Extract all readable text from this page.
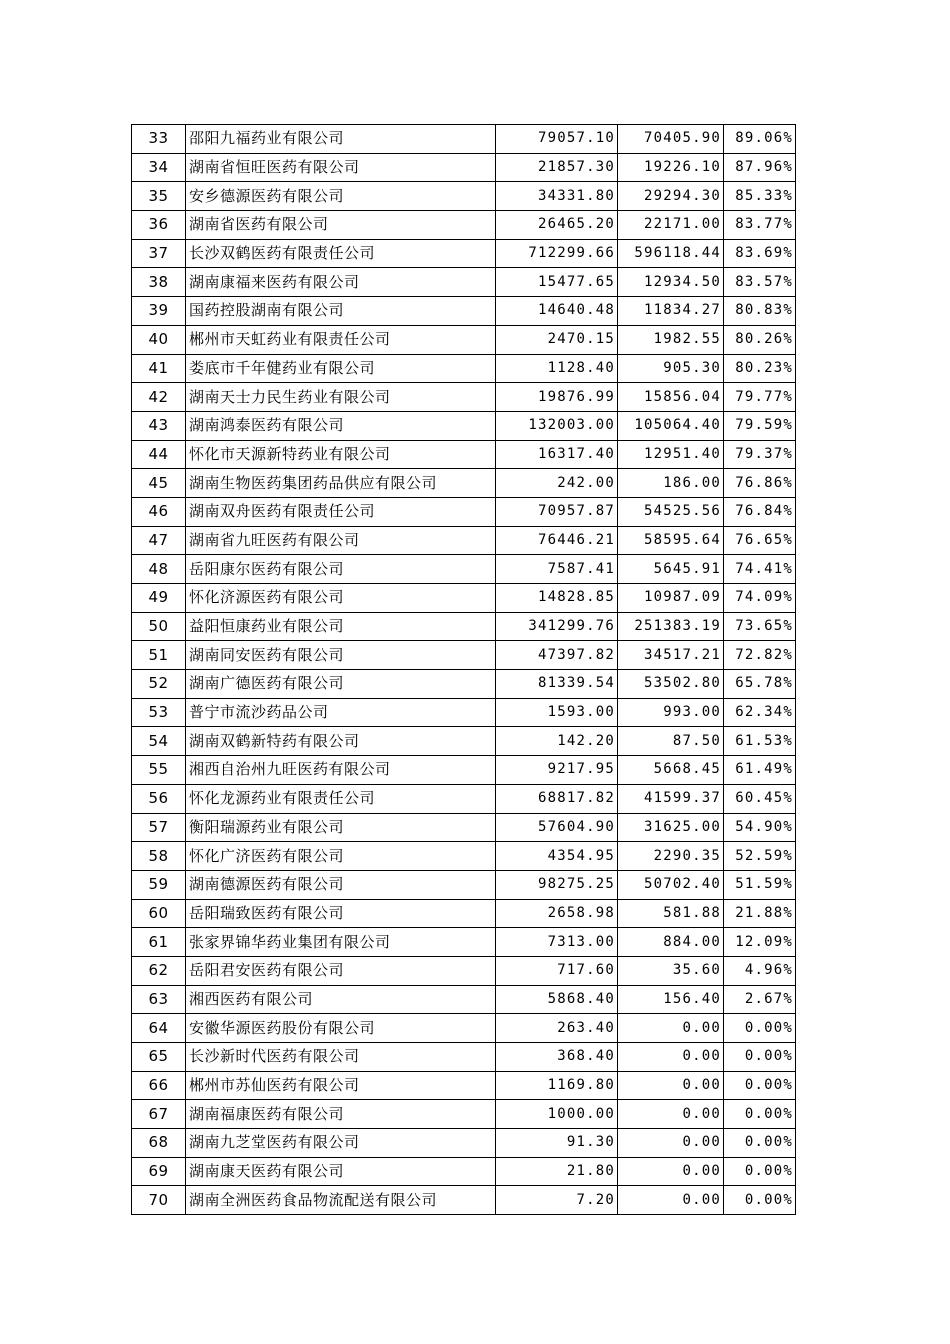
33	邵阳九福药业有限公司	79057.10	70405.90	89.06%
34	湖南省恒旺医药有限公司	21857.30	19226.10	87.96%
35	安乡德源医药有限公司	34331.80	29294.30	85.33%
36	湖南省医药有限公司	26465.20	22171.00	83.77%
37	长沙双鹤医药有限责任公司	712299.66	596118.44	83.69%
38	湖南康福来医药有限公司	15477.65	12934.50	83.57%
39	国药控股湖南有限公司	14640.48	11834.27	80.83%
40	郴州市天虹药业有限责任公司	2470.15	1982.55	80.26%
41	娄底市千年健药业有限公司	1128.40	905.30	80.23%
42	湖南天士力民生药业有限公司	19876.99	15856.04	79.77%
43	湖南鸿泰医药有限公司	132003.00	105064.40	79.59%
44	怀化市天源新特药业有限公司	16317.40	12951.40	79.37%
45	湖南生物医药集团药品供应有限公司	242.00	186.00	76.86%
46	湖南双舟医药有限责任公司	70957.87	54525.56	76.84%
47	湖南省九旺医药有限公司	76446.21	58595.64	76.65%
48	岳阳康尔医药有限公司	7587.41	5645.91	74.41%
49	怀化济源医药有限公司	14828.85	10987.09	74.09%
50	益阳恒康药业有限公司	341299.76	251383.19	73.65%
51	湖南同安医药有限公司	47397.82	34517.21	72.82%
52	湖南广德医药有限公司	81339.54	53502.80	65.78%
53	普宁市流沙药品公司	1593.00	993.00	62.34%
54	湖南双鹤新特药有限公司	142.20	87.50	61.53%
55	湘西自治州九旺医药有限公司	9217.95	5668.45	61.49%
56	怀化龙源药业有限责任公司	68817.82	41599.37	60.45%
57	衡阳瑞源药业有限公司	57604.90	31625.00	54.90%
58	怀化广济医药有限公司	4354.95	2290.35	52.59%
59	湖南德源医药有限公司	98275.25	50702.40	51.59%
60	岳阳瑞致医药有限公司	2658.98	581.88	21.88%
61	张家界锦华药业集团有限公司	7313.00	884.00	12.09%
62	岳阳君安医药有限公司	717.60	35.60	4.96%
63	湘西医药有限公司	5868.40	156.40	2.67%
64	安徽华源医药股份有限公司	263.40	0.00	0.00%
65	长沙新时代医药有限公司	368.40	0.00	0.00%
66	郴州市苏仙医药有限公司	1169.80	0.00	0.00%
67	湖南福康医药有限公司	1000.00	0.00	0.00%
68	湖南九芝堂医药有限公司	91.30	0.00	0.00%
69	湖南康天医药有限公司	21.80	0.00	0.00%
70	湖南全洲医药食品物流配送有限公司	7.20	0.00	0.00%
